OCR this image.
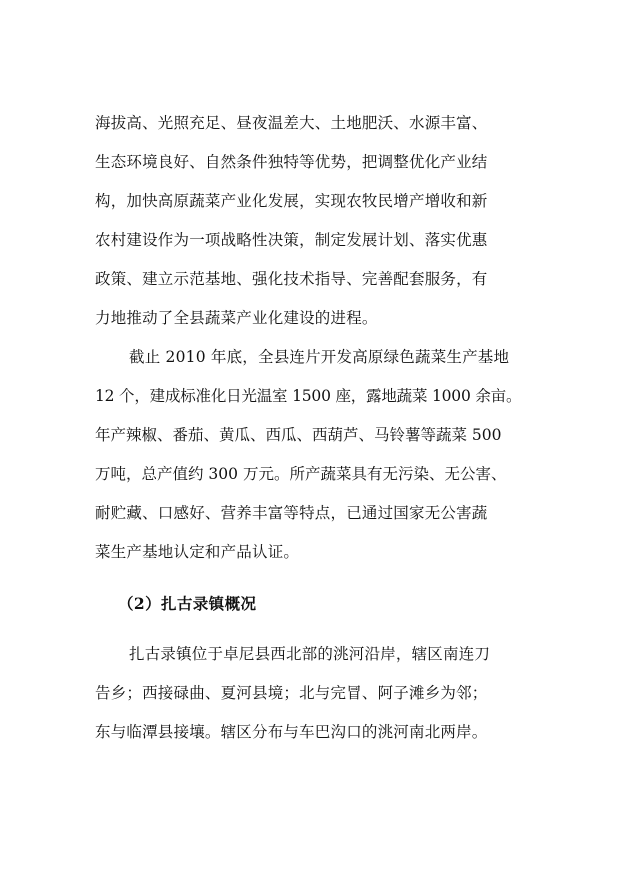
海拔高、光照充足、昼夜温差大、土地肥沃、水源丰富、

生态环境良好、自然条件独特等优势，把调整优化产业结

构，加快高原蔬菜产业化发展，实现农牧民增产增收和新

农村建设作为一项战略性决策，制定发展计划、落实优惠

政策、建立示范基地、强化技术指导、完善配套服务，有

力地推动了全县蔬菜产业化建设的进程。

截止 2010 年底，全县连片开发高原绿色蔬菜生产基地

12 个，建成标准化日光温室 1500 座，露地蔬菜 1000 余亩。

年产辣椒、番茄、黄瓜、西瓜、西葫芦、马铃薯等蔬菜 500

万吨，总产值约 300 万元。所产蔬菜具有无污染、无公害、

耐贮藏、口感好、营养丰富等特点，已通过国家无公害蔬

菜生产基地认定和产品认证。

（2）扎古录镇概况

扎古录镇位于卓尼县西北部的洮河沿岸，辖区南连刀

告乡；西接碌曲、夏河县境；北与完冒、阿子滩乡为邻；

东与临潭县接壤。辖区分布与车巴沟口的洮河南北两岸。
